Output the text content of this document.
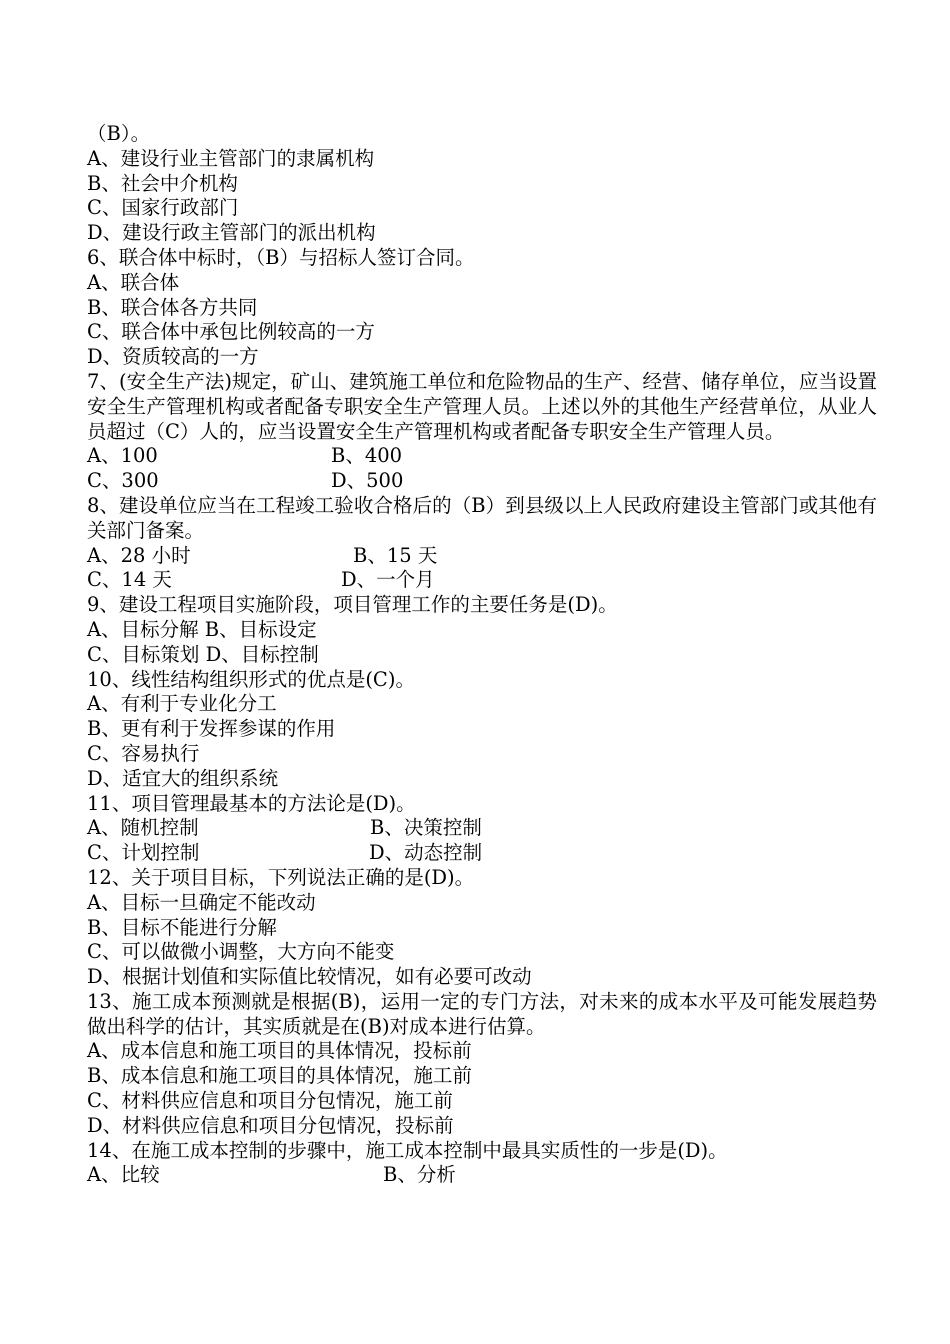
（B）。
A、建设行业主管部门的隶属机构
B、社会中介机构
C、国家行政部门
D、建设行政主管部门的派出机构
6、联合体中标时，（B）与招标人签订合同。
A、联合体
B、联合体各方共同
C、联合体中承包比例较高的一方
D、资质较高的一方
7、(安全生产法)规定，矿山、建筑施工单位和危险物品的生产、经营、储存单位，应当设置安全生产管理机构或者配备专职安全生产管理人员。上述以外的其他生产经营单位，从业人员超过（C）人的，应当设置安全生产管理机构或者配备专职安全生产管理人员。
A、100	B、400
C、300	D、500
8、建设单位应当在工程竣工验收合格后的（B）到县级以上人民政府建设主管部门或其他有关部门备案。
A、28 小时	B、15 天
C、14 天	D、一个月
9、建设工程项目实施阶段，项目管理工作的主要任务是(D)。
A、目标分解 B、目标设定
C、目标策划 D、目标控制
10、线性结构组织形式的优点是(C)。
A、有利于专业化分工
B、更有利于发挥参谋的作用
C、容易执行
D、适宜大的组织系统
11、项目管理最基本的方法论是(D)。
A、随机控制	B、决策控制
C、计划控制	D、动态控制
12、关于项目目标，下列说法正确的是(D)。
A、目标一旦确定不能改动
B、目标不能进行分解
C、可以做微小调整，大方向不能变
D、根据计划值和实际值比较情况，如有必要可改动
13、施工成本预测就是根据(B)，运用一定的专门方法，对未来的成本水平及可能发展趋势做出科学的估计，其实质就是在(B)对成本进行估算。
A、成本信息和施工项目的具体情况，投标前
B、成本信息和施工项目的具体情况，施工前
C、材料供应信息和项目分包情况，施工前
D、材料供应信息和项目分包情况，投标前
14、在施工成本控制的步骤中，施工成本控制中最具实质性的一步是(D)。
A、比较	B、分析
